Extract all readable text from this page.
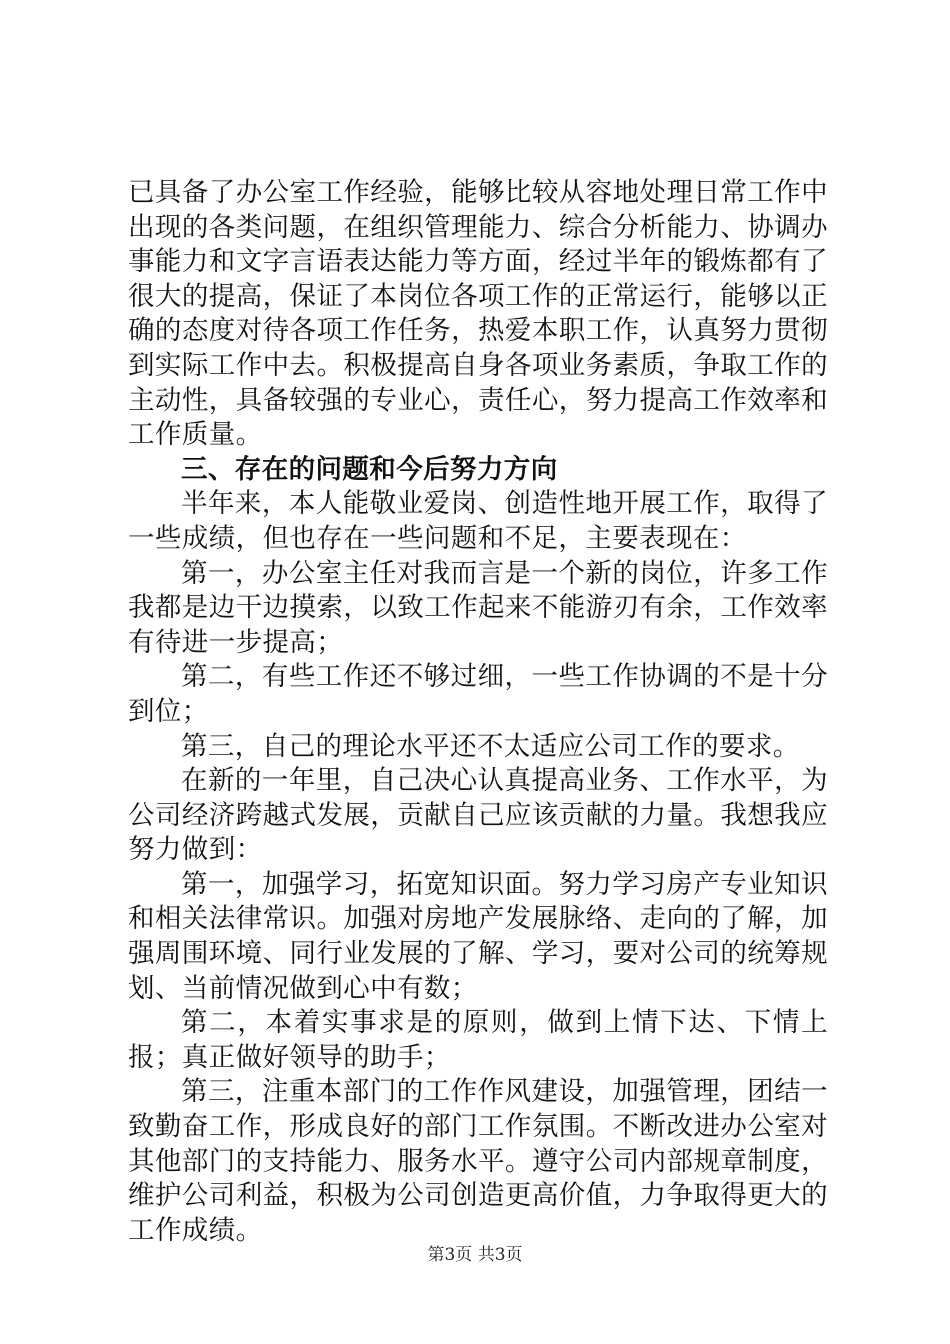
已具备了办公室工作经验，能够比较从容地处理日常工作中出现的各类问题，在组织管理能力、综合分析能力、协调办事能力和文字言语表达能力等方面，经过半年的锻炼都有了很大的提高，保证了本岗位各项工作的正常运行，能够以正确的态度对待各项工作任务，热爱本职工作，认真努力贯彻到实际工作中去。积极提高自身各项业务素质，争取工作的主动性，具备较强的专业心，责任心，努力提高工作效率和工作质量。

三、存在的问题和今后努力方向

半年来，本人能敬业爱岗、创造性地开展工作，取得了一些成绩，但也存在一些问题和不足，主要表现在：

第一，办公室主任对我而言是一个新的岗位，许多工作我都是边干边摸索，以致工作起来不能游刃有余，工作效率有待进一步提高；

第二，有些工作还不够过细，一些工作协调的不是十分到位；

第三，自己的理论水平还不太适应公司工作的要求。

在新的一年里，自己决心认真提高业务、工作水平，为公司经济跨越式发展，贡献自己应该贡献的力量。我想我应努力做到：

第一，加强学习，拓宽知识面。努力学习房产专业知识和相关法律常识。加强对房地产发展脉络、走向的了解，加强周围环境、同行业发展的了解、学习，要对公司的统筹规划、当前情况做到心中有数；

第二，本着实事求是的原则，做到上情下达、下情上报；真正做好领导的助手；

第三，注重本部门的工作作风建设，加强管理，团结一致勤奋工作，形成良好的部门工作氛围。不断改进办公室对其他部门的支持能力、服务水平。遵守公司内部规章制度，维护公司利益，积极为公司创造更高价值，力争取得更大的工作成绩。

第3页 共3页
